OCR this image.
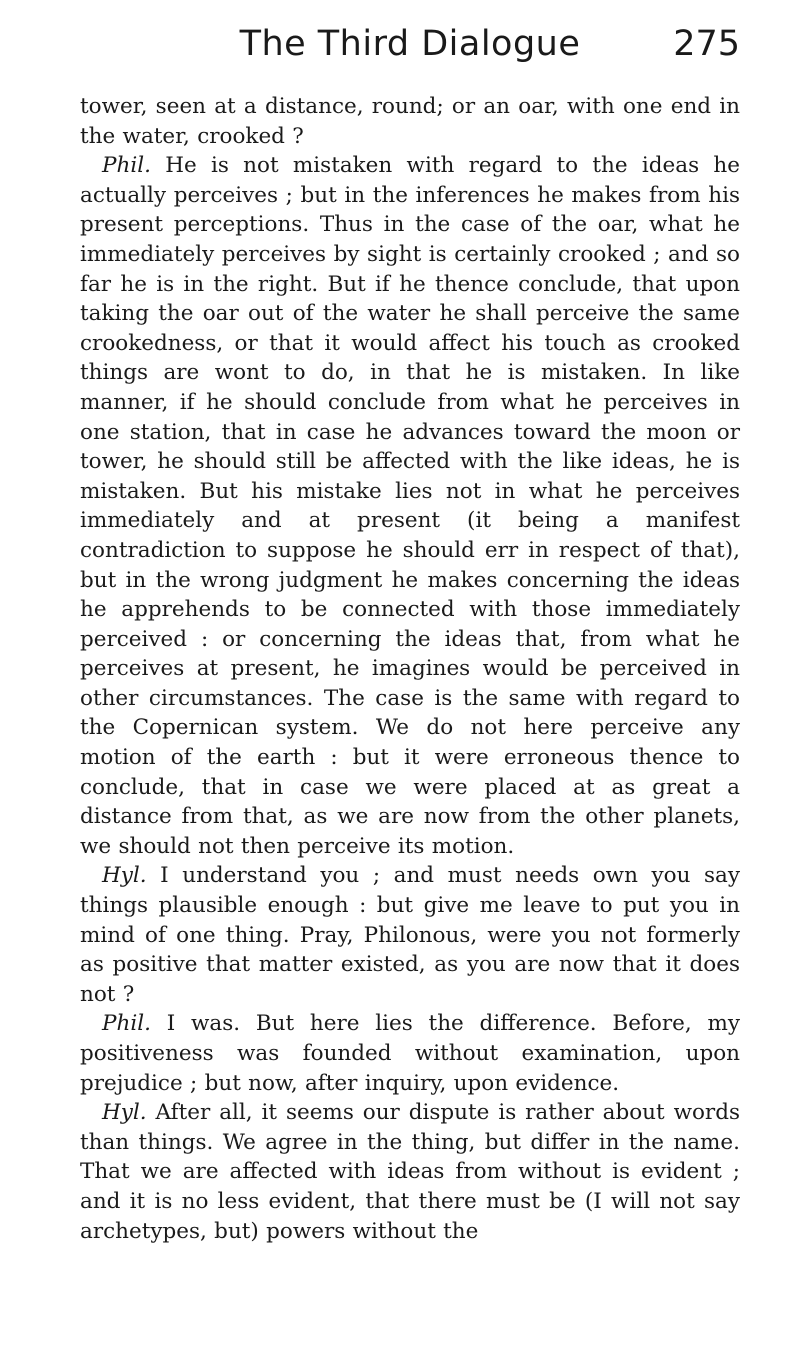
The Third Dialogue	275

tower, seen at a distance, round; or an oar, with one end in the water, crooked ?

Phil. He is not mistaken with regard to the ideas he actually perceives ; but in the inferences he makes from his present perceptions. Thus in the case of the oar, what he immediately perceives by sight is certainly crooked ; and so far he is in the right. But if he thence conclude, that upon taking the oar out of the water he shall perceive the same crookedness, or that it would affect his touch as crooked things are wont to do, in that he is mistaken. In like manner, if he should conclude from what he perceives in one station, that in case he advances toward the moon or tower, he should still be affected with the like ideas, he is mistaken. But his mistake lies not in what he perceives immediately and at present (it being a manifest contradiction to suppose he should err in respect of that), but in the wrong judgment he makes concerning the ideas he apprehends to be connected with those immediately perceived : or concerning the ideas that, from what he perceives at present, he imagines would be perceived in other circumstances. The case is the same with regard to the Copernican system. We do not here perceive any motion of the earth : but it were erroneous thence to conclude, that in case we were placed at as great a distance from that, as we are now from the other planets, we should not then perceive its motion.

Hyl. I understand you ; and must needs own you say things plausible enough : but give me leave to put you in mind of one thing. Pray, Philonous, were you not formerly as positive that matter existed, as you are now that it does not ?

Phil. I was. But here lies the difference. Before, my positiveness was founded without examination, upon prejudice ; but now, after inquiry, upon evidence.

Hyl. After all, it seems our dispute is rather about words than things. We agree in the thing, but differ in the name. That we are affected with ideas from without is evident ; and it is no less evident, that there must be (I will not say archetypes, but) powers without the
